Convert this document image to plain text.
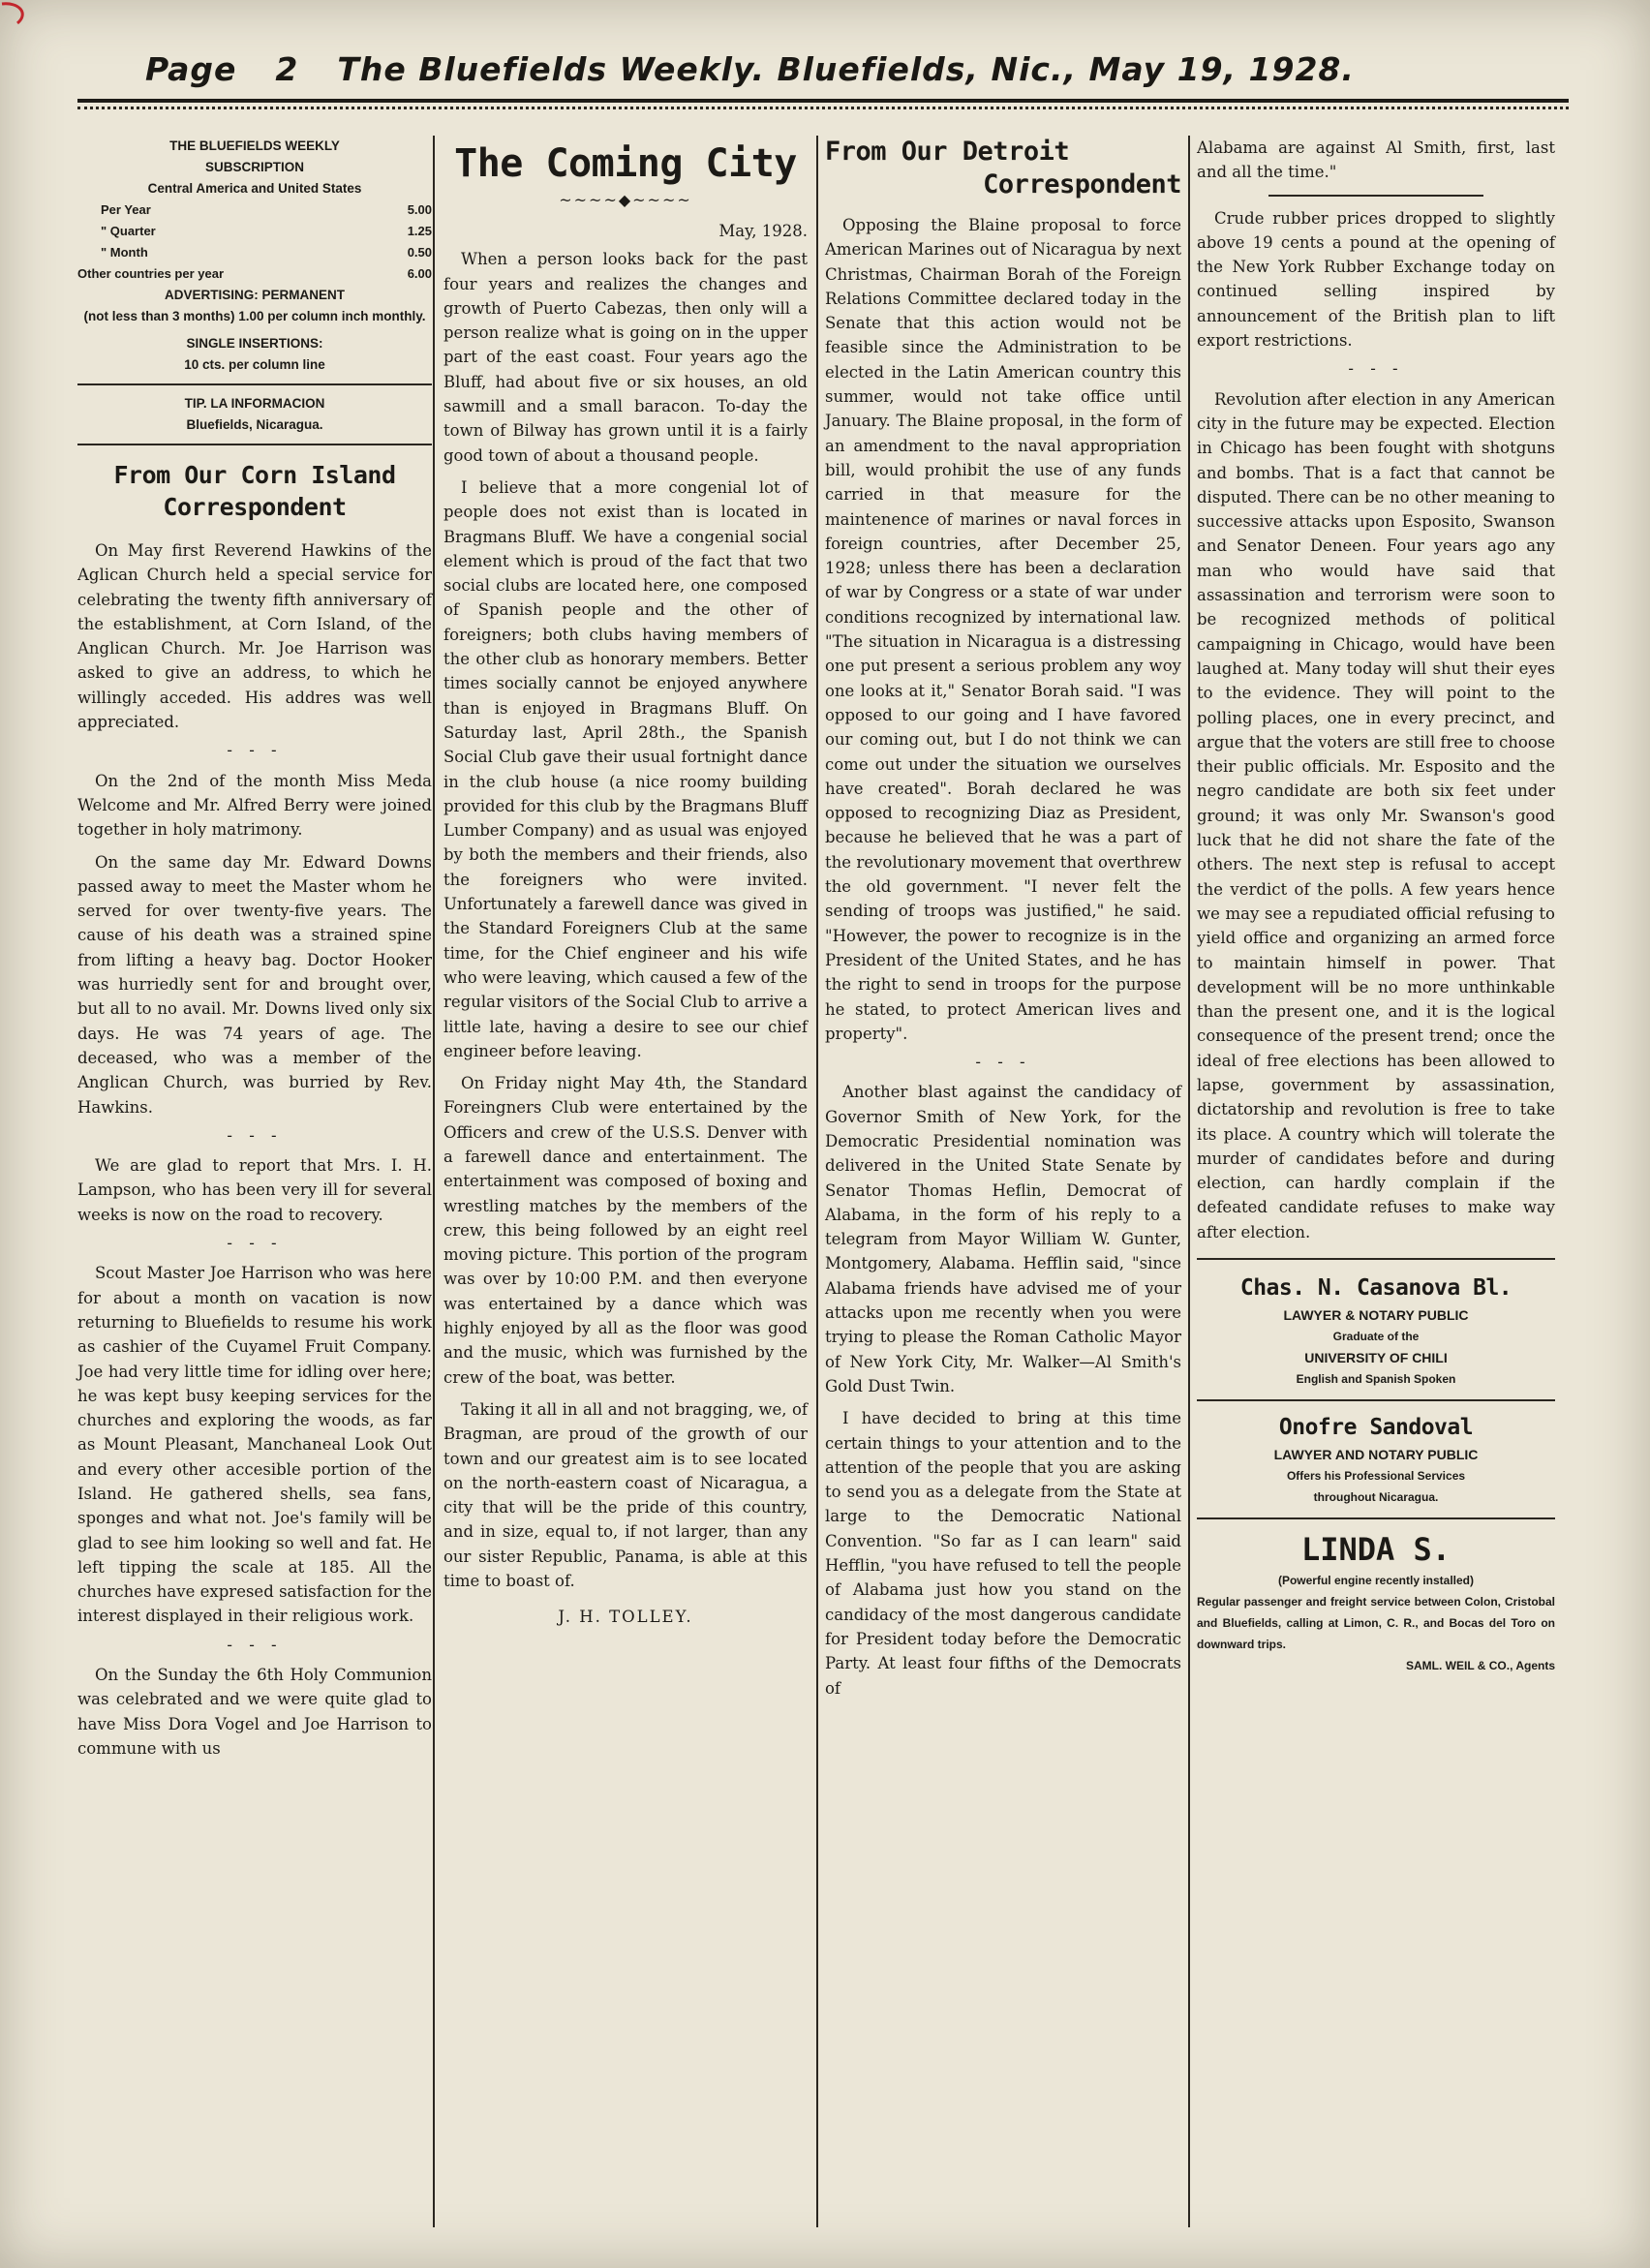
Page 2 The Bluefields Weekly. Bluefields, Nic., May 19, 1928.
THE BLUEFIELDS WEEKLY
SUBSCRIPTION
Central America and United States
Per Year	5.00
" Quarter	1.25
" Month	0.50
Other countries per year	6.00
ADVERTISING: PERMANENT
(not less than 3 months) 1.00 per column inch monthly.
SINGLE INSERTIONS:
10 cts. per column line
TIP. LA INFORMACION
Bluefields, Nicaragua.
From Our Corn Island
Correspondent

On May first Reverend Hawkins of the Aglican Church held a special service for celebrating the twenty fifth anniversary of the establishment, at Corn Island, of the Anglican Church. Mr. Joe Harrison was asked to give an address, to which he willingly acceded. His addres was well appreciated.

- - -

On the 2nd of the month Miss Meda Welcome and Mr. Alfred Berry were joined together in holy matrimony.

On the same day Mr. Edward Downs passed away to meet the Master whom he served for over twenty-five years. The cause of his death was a strained spine from lifting a heavy bag. Doctor Hooker was hurriedly sent for and brought over, but all to no avail. Mr. Downs lived only six days. He was 74 years of age. The deceased, who was a member of the Anglican Church, was burried by Rev. Hawkins.

- - -

We are glad to report that Mrs. I. H. Lampson, who has been very ill for several weeks is now on the road to recovery.

- - -

Scout Master Joe Harrison who was here for about a month on vacation is now returning to Bluefields to resume his work as cashier of the Cuyamel Fruit Company. Joe had very little time for idling over here; he was kept busy keeping services for the churches and exploring the woods, as far as Mount Pleasant, Manchaneal Look Out and every other accesible portion of the Island. He gathered shells, sea fans, sponges and what not. Joe's family will be glad to see him looking so well and fat. He left tipping the scale at 185. All the churches have expresed satisfaction for the interest displayed in their religious work.

- - -

On the Sunday the 6th Holy Communion was celebrated and we were quite glad to have Miss Dora Vogel and Joe Harrison to commune with us

The Coming City
~~~~◆~~~~
May, 1928.

When a person looks back for the past four years and realizes the changes and growth of Puerto Cabezas, then only will a person realize what is going on in the upper part of the east coast. Four years ago the Bluff, had about five or six houses, an old sawmill and a small baracon. To-day the town of Bilway has grown until it is a fairly good town of about a thousand people.

I believe that a more congenial lot of people does not exist than is located in Bragmans Bluff. We have a congenial social element which is proud of the fact that two social clubs are located here, one composed of Spanish people and the other of foreigners; both clubs having members of the other club as honorary members. Better times socially cannot be enjoyed anywhere than is enjoyed in Bragmans Bluff. On Saturday last, April 28th., the Spanish Social Club gave their usual fortnight dance in the club house (a nice roomy building provided for this club by the Bragmans Bluff Lumber Company) and as usual was enjoyed by both the members and their friends, also the foreigners who were invited. Unfortunately a farewell dance was gived in the Standard Foreigners Club at the same time, for the Chief engineer and his wife who were leaving, which caused a few of the regular visitors of the Social Club to arrive a little late, having a desire to see our chief engineer before leaving.

On Friday night May 4th, the Standard Foreingners Club were entertained by the Officers and crew of the U.S.S. Denver with a farewell dance and entertainment. The entertainment was composed of boxing and wrestling matches by the members of the crew, this being followed by an eight reel moving picture. This portion of the program was over by 10:00 P.M. and then everyone was entertained by a dance which was highly enjoyed by all as the floor was good and the music, which was furnished by the crew of the boat, was better.

Taking it all in all and not bragging, we, of Bragman, are proud of the growth of our town and our greatest aim is to see located on the north-eastern coast of Nicaragua, a city that will be the pride of this country, and in size, equal to, if not larger, than any our sister Republic, Panama, is able at this time to boast of.

J. H. TOLLEY.
From Our Detroit
Correspondent

Opposing the Blaine proposal to force American Marines out of Nicaragua by next Christmas, Chairman Borah of the Foreign Relations Committee declared today in the Senate that this action would not be feasible since the Administration to be elected in the Latin American country this summer, would not take office until January. The Blaine proposal, in the form of an amendment to the naval appropriation bill, would prohibit the use of any funds carried in that measure for the maintenence of marines or naval forces in foreign countries, after December 25, 1928; unless there has been a declaration of war by Congress or a state of war under conditions recognized by international law. "The situation in Nicaragua is a distressing one put present a serious problem any woy one looks at it," Senator Borah said. "I was opposed to our going and I have favored our coming out, but I do not think we can come out under the situation we ourselves have created". Borah declared he was opposed to recognizing Diaz as President, because he believed that he was a part of the revolutionary movement that overthrew the old government. "I never felt the sending of troops was justified," he said. "However, the power to recognize is in the President of the United States, and he has the right to send in troops for the purpose he stated, to protect American lives and property".

- - -

Another blast against the candidacy of Governor Smith of New York, for the Democratic Presidential nomination was delivered in the United State Senate by Senator Thomas Heflin, Democrat of Alabama, in the form of his reply to a telegram from Mayor William W. Gunter, Montgomery, Alabama. Hefflin said, "since Alabama friends have advised me of your attacks upon me recently when you were trying to please the Roman Catholic Mayor of New York City, Mr. Walker—Al Smith's Gold Dust Twin.

I have decided to bring at this time certain things to your attention and to the attention of the people that you are asking to send you as a delegate from the State at large to the Democratic National Convention. "So far as I can learn" said Hefflin, "you have refused to tell the people of Alabama just how you stand on the candidacy of the most dangerous candidate for President today before the Democratic Party. At least four fifths of the Democrats of

Alabama are against Al Smith, first, last and all the time."

Crude rubber prices dropped to slightly above 19 cents a pound at the opening of the New York Rubber Exchange today on continued selling inspired by announcement of the British plan to lift export restrictions.

- - -

Revolution after election in any American city in the future may be expected. Election in Chicago has been fought with shotguns and bombs. That is a fact that cannot be disputed. There can be no other meaning to successive attacks upon Esposito, Swanson and Senator Deneen. Four years ago any man who would have said that assassination and terrorism were soon to be recognized methods of political campaigning in Chicago, would have been laughed at. Many today will shut their eyes to the evidence. They will point to the polling places, one in every precinct, and argue that the voters are still free to choose their public officials. Mr. Esposito and the negro candidate are both six feet under ground; it was only Mr. Swanson's good luck that he did not share the fate of the others. The next step is refusal to accept the verdict of the polls. A few years hence we may see a repudiated official refusing to yield office and organizing an armed force to maintain himself in power. That development will be no more unthinkable than the present one, and it is the logical consequence of the present trend; once the ideal of free elections has been allowed to lapse, government by assassination, dictatorship and revolution is free to take its place. A country which will tolerate the murder of candidates before and during election, can hardly complain if the defeated candidate refuses to make way after election.

Chas. N. Casanova Bl.
LAWYER & NOTARY PUBLIC
Graduate of the
UNIVERSITY OF CHILI
English and Spanish Spoken
Onofre Sandoval
LAWYER AND NOTARY PUBLIC
Offers his Professional Services
throughout Nicaragua.
LINDA S.
(Powerful engine recently installed)
Regular passenger and freight service between Colon, Cristobal and Bluefields, calling at Limon, C. R., and Bocas del Toro on downward trips.
SAML. WEIL & CO., Agents
